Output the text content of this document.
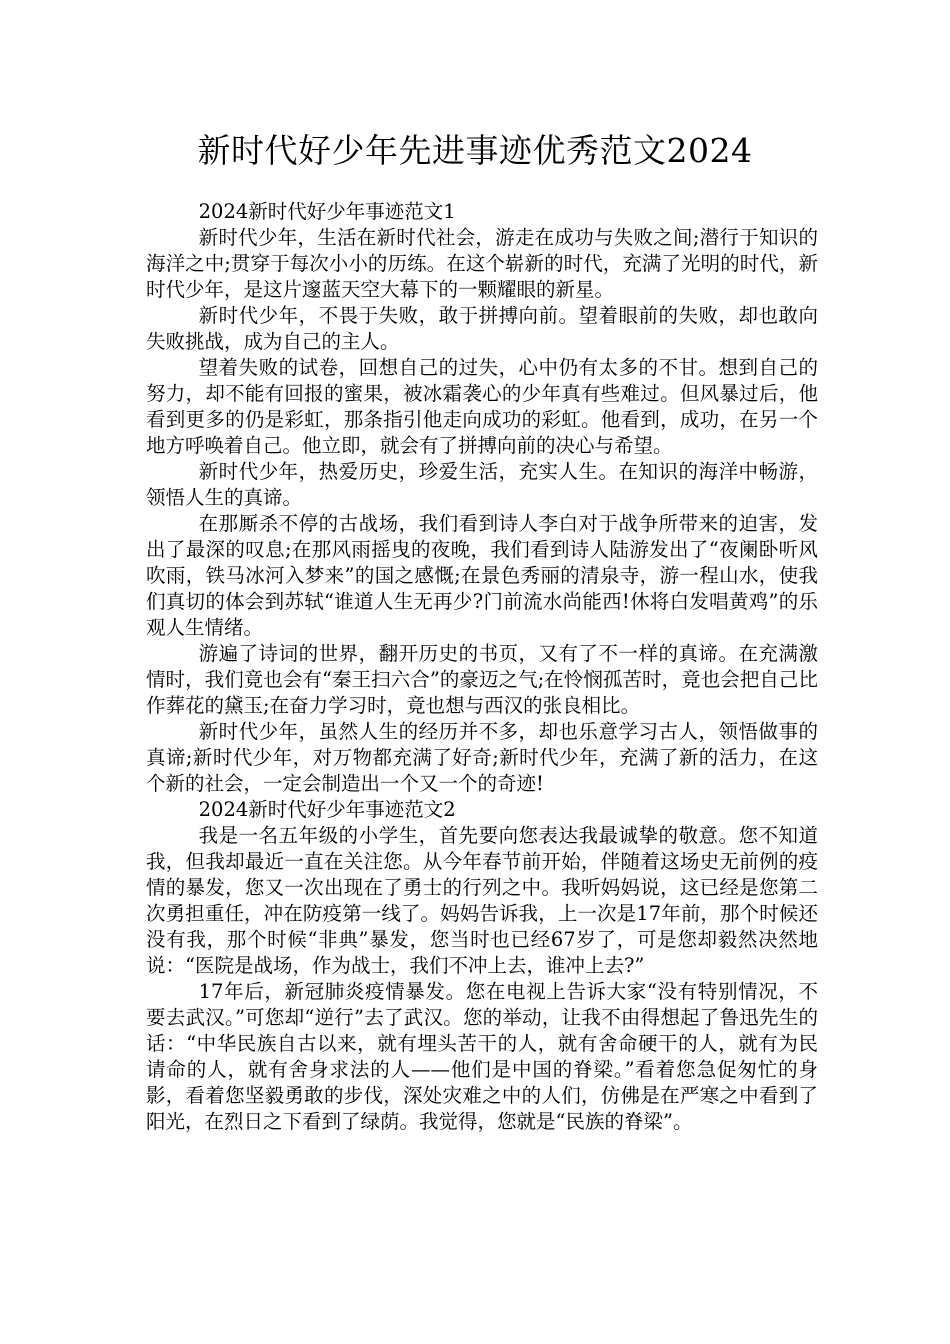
新时代好少年先进事迹优秀范文2024

2024新时代好少年事迹范文1

新时代少年，生活在新时代社会，游走在成功与失败之间;潜行于知识的海洋之中;贯穿于每次小小的历练。在这个崭新的时代，充满了光明的时代，新时代少年，是这片邃蓝天空大幕下的一颗耀眼的新星。

新时代少年，不畏于失败，敢于拼搏向前。望着眼前的失败，却也敢向失败挑战，成为自己的主人。

望着失败的试卷，回想自己的过失，心中仍有太多的不甘。想到自己的努力，却不能有回报的蜜果，被冰霜袭心的少年真有些难过。但风暴过后，他看到更多的仍是彩虹，那条指引他走向成功的彩虹。他看到，成功，在另一个地方呼唤着自己。他立即，就会有了拼搏向前的决心与希望。

新时代少年，热爱历史，珍爱生活，充实人生。在知识的海洋中畅游，领悟人生的真谛。

在那厮杀不停的古战场，我们看到诗人李白对于战争所带来的迫害，发出了最深的叹息;在那风雨摇曳的夜晚，我们看到诗人陆游发出了“夜阑卧听风吹雨，铁马冰河入梦来”的国之感慨;在景色秀丽的清泉寺，游一程山水，使我们真切的体会到苏轼“谁道人生无再少?门前流水尚能西!休将白发唱黄鸡”的乐观人生情绪。

游遍了诗词的世界，翻开历史的书页，又有了不一样的真谛。在充满激情时，我们竟也会有“秦王扫六合”的豪迈之气;在怜悯孤苦时，竟也会把自己比作葬花的黛玉;在奋力学习时，竟也想与西汉的张良相比。

新时代少年，虽然人生的经历并不多，却也乐意学习古人，领悟做事的真谛;新时代少年，对万物都充满了好奇;新时代少年，充满了新的活力，在这个新的社会，一定会制造出一个又一个的奇迹!

2024新时代好少年事迹范文2

我是一名五年级的小学生，首先要向您表达我最诚挚的敬意。您不知道我，但我却最近一直在关注您。从今年春节前开始，伴随着这场史无前例的疫情的暴发，您又一次出现在了勇士的行列之中。我听妈妈说，这已经是您第二次勇担重任，冲在防疫第一线了。妈妈告诉我，上一次是17年前，那个时候还没有我，那个时候“非典”暴发，您当时也已经67岁了，可是您却毅然决然地说：“医院是战场，作为战士，我们不冲上去，谁冲上去?”

17年后，新冠肺炎疫情暴发。您在电视上告诉大家“没有特别情况，不要去武汉。”可您却“逆行”去了武汉。您的举动，让我不由得想起了鲁迅先生的话：“中华民族自古以来，就有埋头苦干的人，就有舍命硬干的人，就有为民请命的人，就有舍身求法的人——他们是中国的脊梁。”看着您急促匆忙的身影，看着您坚毅勇敢的步伐，深处灾难之中的人们，仿佛是在严寒之中看到了阳光，在烈日之下看到了绿荫。我觉得，您就是“民族的脊梁”。
